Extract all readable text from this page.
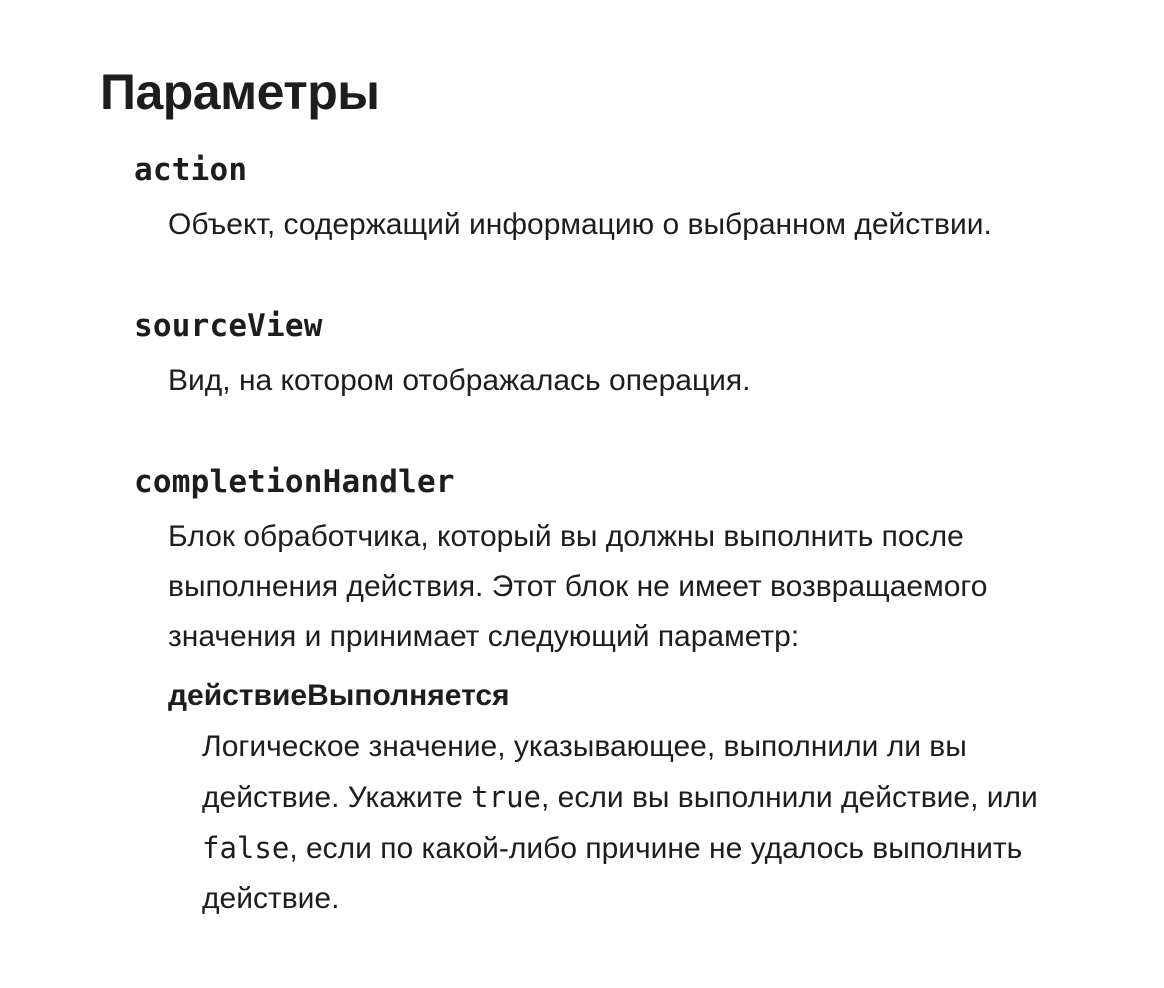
Параметры
action

Объект, содержащий информацию о выбранном действии.

sourceView

Вид, на котором отображалась операция.

completionHandler

Блок обработчика, который вы должны выполнить после выполнения действия. Этот блок не имеет возвращаемого значения и принимает следующий параметр:

действиеВыполняется

Логическое значение, указывающее, выполнили ли вы действие. Укажите true, если вы выполнили действие, или false, если по какой-либо причине не удалось выполнить действие.
